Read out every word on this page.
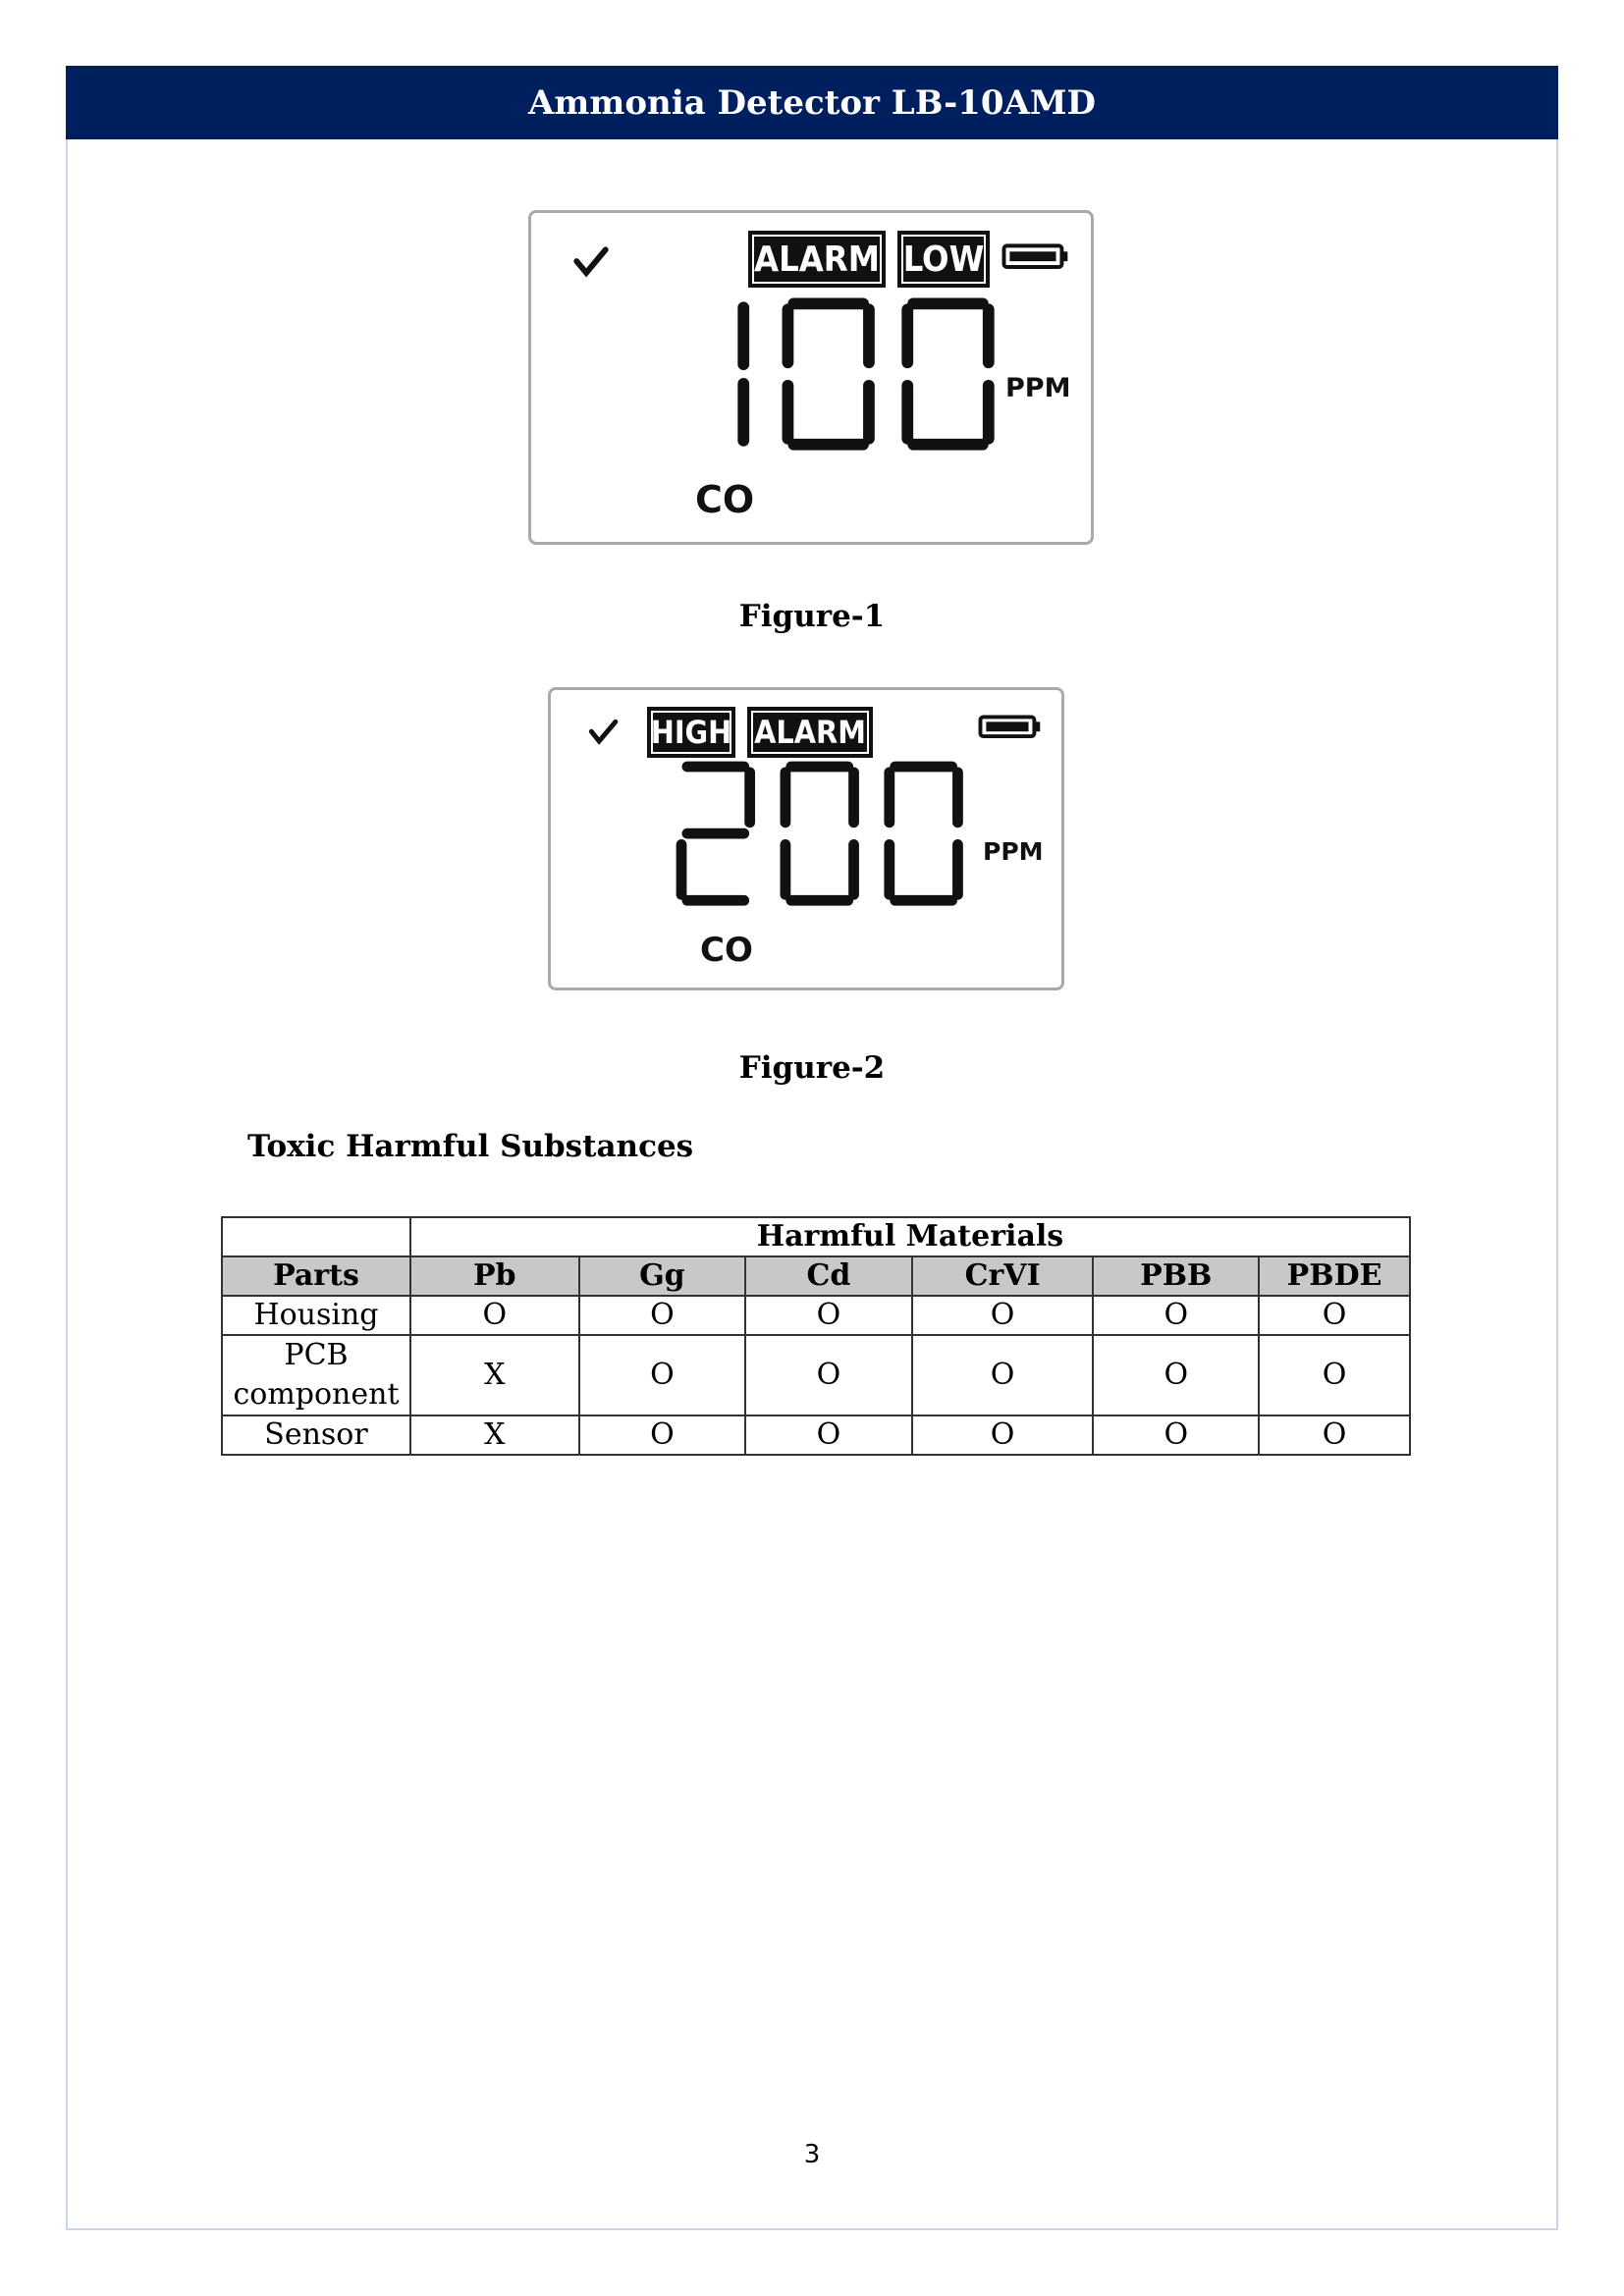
Ammonia Detector LB-10AMD
ALARM LOW
PPM
CO
Figure-1
HIGH ALARM
PPM
CO
Figure-2
Toxic Harmful Substances
	Harmful Materials					
Parts	Pb	Gg	Cd	CrVI	PBB	PBDE
Housing	O	O	O	O	O	O
PCB component	X	O	O	O	O	O
Sensor	X	O	O	O	O	O
3
